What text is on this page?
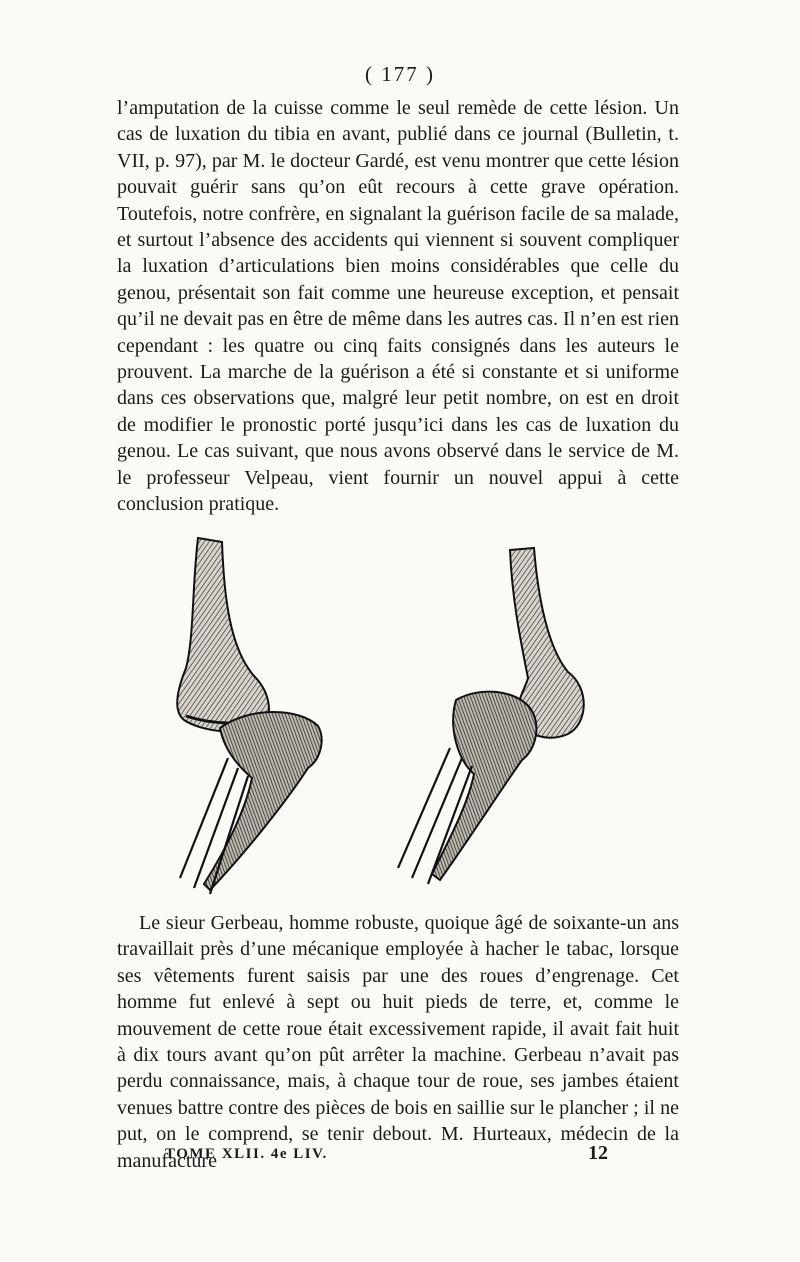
( 177 )

l’amputation de la cuisse comme le seul remède de cette lésion. Un cas de luxation du tibia en avant, publié dans ce journal (Bulletin, t. VII, p. 97), par M. le docteur Gardé, est venu montrer que cette lésion pouvait guérir sans qu’on eût recours à cette grave opération. Toutefois, notre confrère, en signalant la guérison facile de sa malade, et surtout l’absence des accidents qui viennent si souvent compliquer la luxation d’articulations bien moins considérables que celle du genou, présentait son fait comme une heureuse exception, et pensait qu’il ne devait pas en être de même dans les autres cas. Il n’en est rien cependant : les quatre ou cinq faits consignés dans les auteurs le prouvent. La marche de la guérison a été si constante et si uniforme dans ces observations que, malgré leur petit nombre, on est en droit de modifier le pronostic porté jusqu’ici dans les cas de luxation du genou. Le cas suivant, que nous avons observé dans le service de M. le professeur Velpeau, vient fournir un nouvel appui à cette conclusion pratique.

Le sieur Gerbeau, homme robuste, quoique âgé de soixante-un ans travaillait près d’une mécanique employée à hacher le tabac, lorsque ses vêtements furent saisis par une des roues d’engrenage. Cet homme fut enlevé à sept ou huit pieds de terre, et, comme le mouvement de cette roue était excessivement rapide, il avait fait huit à dix tours avant qu’on pût arrêter la machine. Gerbeau n’avait pas perdu connaissance, mais, à chaque tour de roue, ses jambes étaient venues battre contre des pièces de bois en saillie sur le plancher ; il ne put, on le comprend, se tenir debout. M. Hurteaux, médecin de la manufacture

TOME XLII. 4e LIV.	12
